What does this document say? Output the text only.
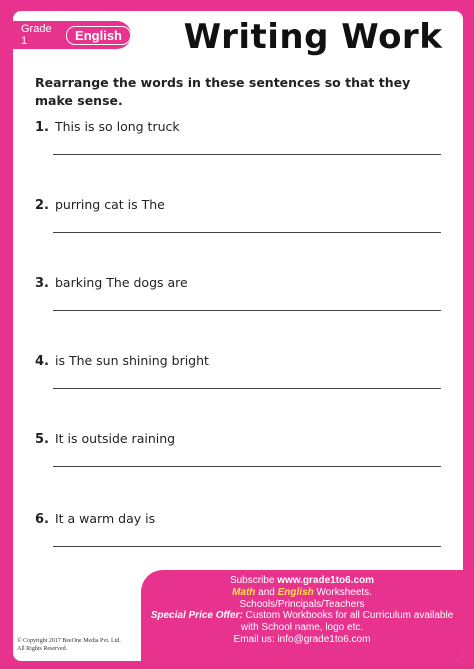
Grade 1	English	Writing Work
Rearrange the words in these sentences so that they make sense.
1. This is so long truck
2. purring cat is The
3. barking The dogs are
4. is The sun shining bright
5. It is outside raining
6. It a warm day is
© Copyright 2017 BeeOne Media Pvt. Ltd.
All Rights Reserved.
Subscribe www.grade1to6.com
Math and English Worksheets.
Schools/Principals/Teachers
Special Price Offer: Custom Workbooks for all Curriculum available
with School name, logo etc.
Email us: info@grade1to6.com
